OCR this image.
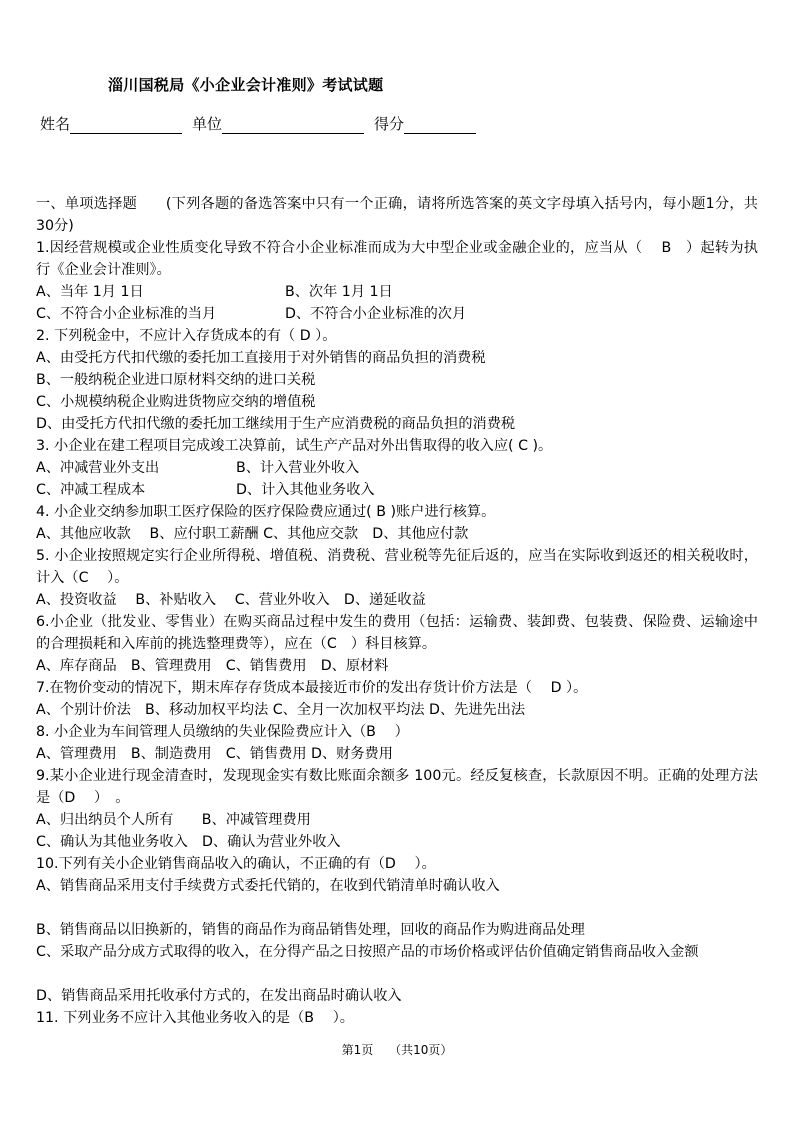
淄川国税局《小企业会计准则》考试试题
姓名	单位	得分
一、单项选择题　　(下列各题的备选答案中只有一个正确，请将所选答案的英文字母填入括号内，每小题1分，共30分)
1.因经营规模或企业性质变化导致不符合小企业标准而成为大中型企业或金融企业的，应当从（　 B　）起转为执行《企业会计准则》。
A、当年 1月 1日	B、次年 1月 1日
C、不符合小企业标准的当月	D、不符合小企业标准的次月
2. 下列税金中，不应计入存货成本的有（ D ）。
A、由受托方代扣代缴的委托加工直接用于对外销售的商品负担的消费税
B、一般纳税企业进口原材料交纳的进口关税
C、小规模纳税企业购进货物应交纳的增值税
D、由受托方代扣代缴的委托加工继续用于生产应消费税的商品负担的消费税
3. 小企业在建工程项目完成竣工决算前，试生产产品对外出售取得的收入应( C )。
A、冲减营业外支出	B、计入营业外收入
C、冲减工程成本	D、计入其他业务收入
4. 小企业交纳参加职工医疗保险的医疗保险费应通过( B )账户进行核算。
A、其他应收款　 B、应付职工薪酬 C、其他应交款　D、其他应付款
5. 小企业按照规定实行企业所得税、增值税、消费税、营业税等先征后返的，应当在实际收到返还的相关税收时，计入（C　 ）。
A、投资收益　 B、补贴收入　 C、营业外收入　D、递延收益
6.小企业（批发业、零售业）在购买商品过程中发生的费用（包括：运输费、装卸费、包装费、保险费、运输途中的合理损耗和入库前的挑选整理费等），应在（C　）科目核算。
A、库存商品　B、管理费用　C、销售费用　D、原材料
7.在物价变动的情况下，期末库存存货成本最接近市价的发出存货计价方法是（　 D ）。
A、个别计价法　B、移动加权平均法 C、全月一次加权平均法 D、先进先出法
8. 小企业为车间管理人员缴纳的失业保险费应计入（B　 ）
A、管理费用　B、制造费用　C、销售费用 D、财务费用
9.某小企业进行现金清查时，发现现金实有数比账面余额多 100元。经反复核查，长款原因不明。正确的处理方法是（D　 ）　。
A、归出纳员个人所有　　B、冲减管理费用
C、确认为其他业务收入　D、确认为营业外收入
10.下列有关小企业销售商品收入的确认，不正确的有（D　 ）。
A、销售商品采用支付手续费方式委托代销的，在收到代销清单时确认收入
B、销售商品以旧换新的，销售的商品作为商品销售处理，回收的商品作为购进商品处理
C、采取产品分成方式取得的收入，在分得产品之日按照产品的市场价格或评估价值确定销售商品收入金额
D、销售商品采用托收承付方式的，在发出商品时确认收入
11. 下列业务不应计入其他业务收入的是（B　 ）。
第1页 （共10页）
